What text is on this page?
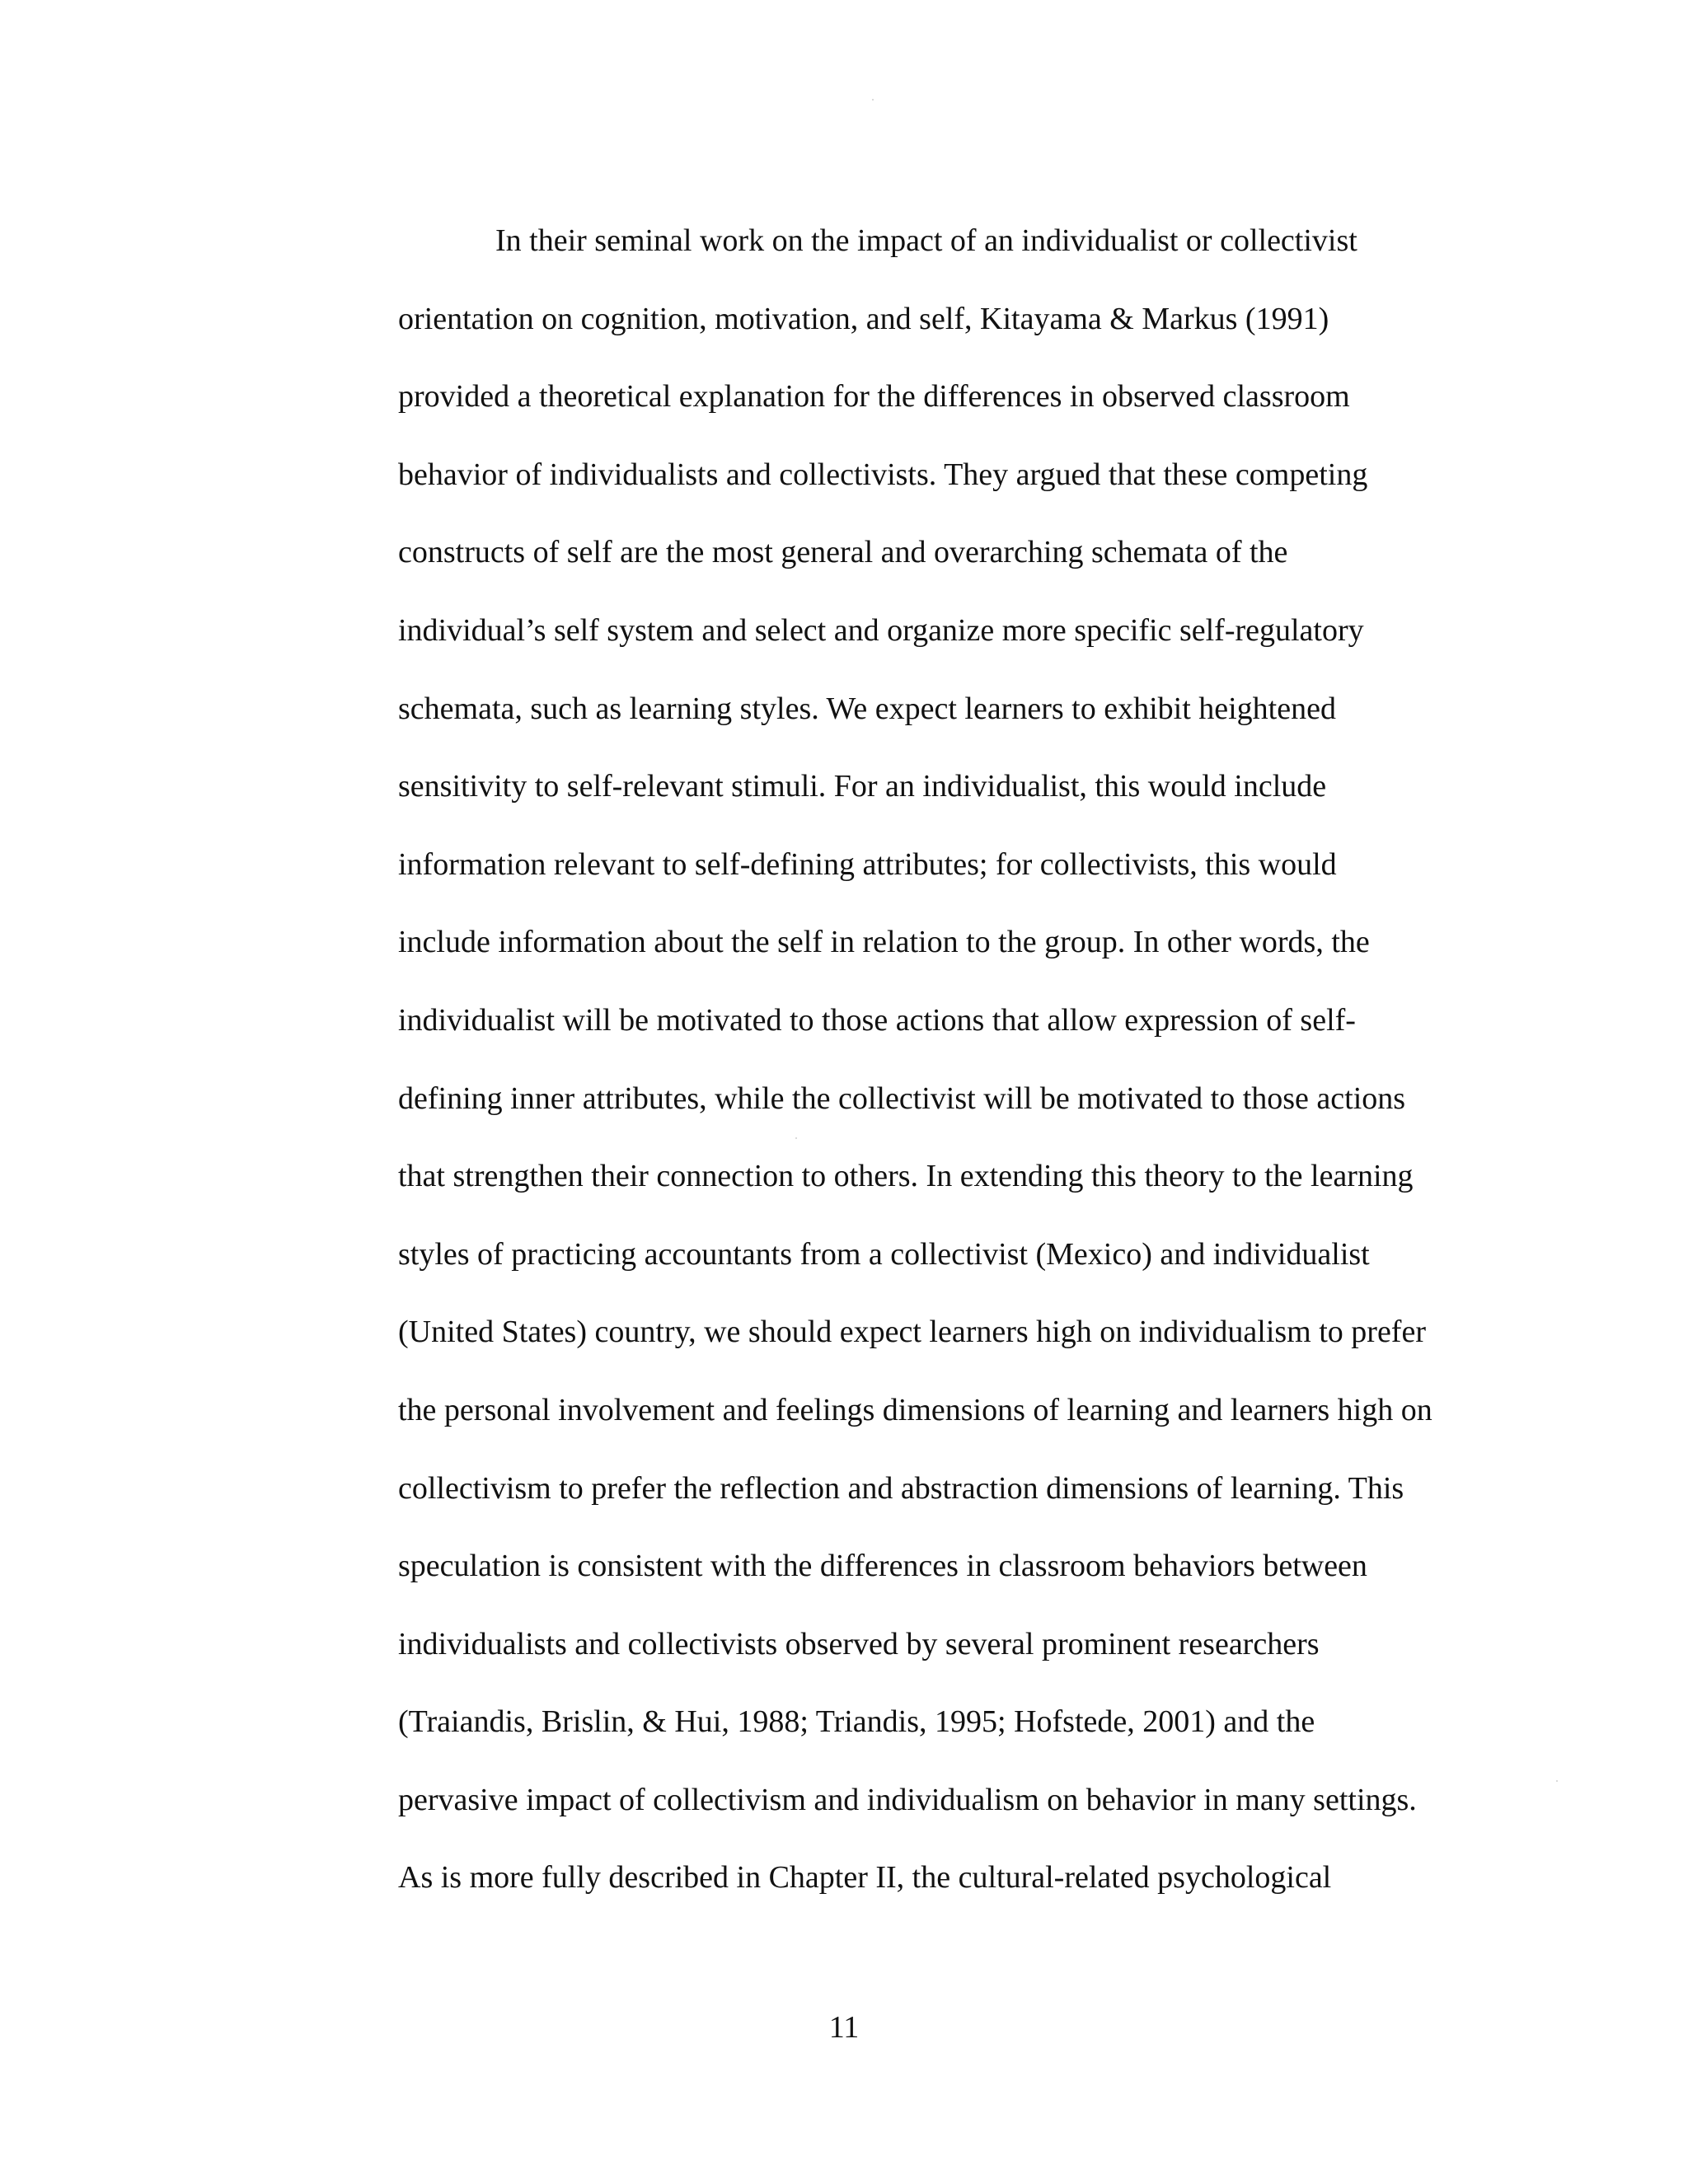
In their seminal work on the impact of an individualist or collectivist
orientation on cognition, motivation, and self, Kitayama & Markus (1991)
provided a theoretical explanation for the differences in observed classroom
behavior of individualists and collectivists. They argued that these competing
constructs of self are the most general and overarching schemata of the
individual’s self system and select and organize more specific self-regulatory
schemata, such as learning styles. We expect learners to exhibit heightened
sensitivity to self-relevant stimuli. For an individualist, this would include
information relevant to self-defining attributes; for collectivists, this would
include information about the self in relation to the group. In other words, the
individualist will be motivated to those actions that allow expression of self-
defining inner attributes, while the collectivist will be motivated to those actions
that strengthen their connection to others. In extending this theory to the learning
styles of practicing accountants from a collectivist (Mexico) and individualist
(United States) country, we should expect learners high on individualism to prefer
the personal involvement and feelings dimensions of learning and learners high on
collectivism to prefer the reflection and abstraction dimensions of learning. This
speculation is consistent with the differences in classroom behaviors between
individualists and collectivists observed by several prominent researchers
(Traiandis, Brislin, & Hui, 1988; Triandis, 1995; Hofstede, 2001) and the
pervasive impact of collectivism and individualism on behavior in many settings.
As is more fully described in Chapter II, the cultural-related psychological
11
